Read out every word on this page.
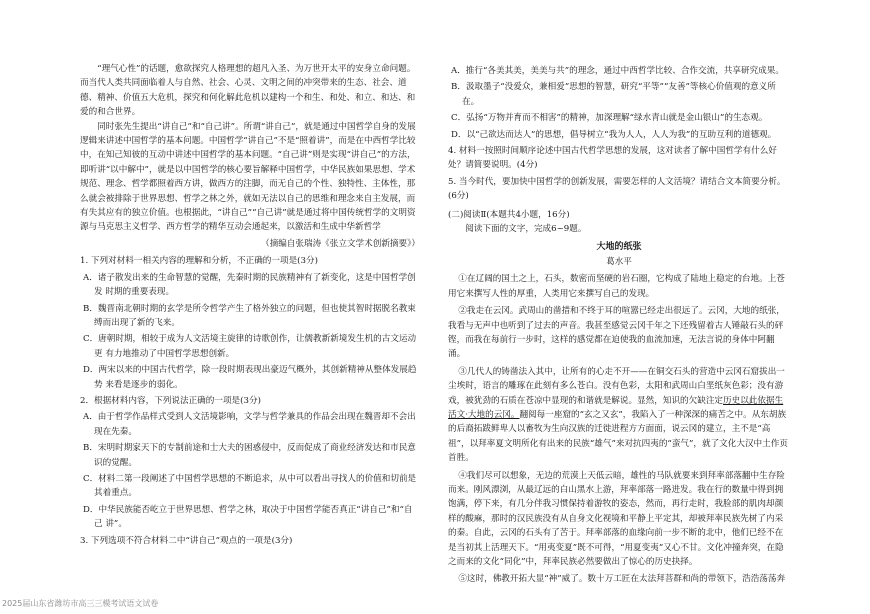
“理气心性”的话题，愈欲探究人格理想的超凡入圣、为万世开太平的安身立命问题。而当代人类共同面临着人与自然、社会、心灵、文明之间的冲突带来的生态、社会、道德、精神、价值五大危机，探究和何化解此危机以建构一个和生、和处、和立、和达、和爱的和合世界。

同时张先生提出“讲自己”和“自己讲”。所谓“讲自己”，就是通过中国哲学自身的发展逻辑来讲述中国哲学的基本问题。中国哲学“讲自己”不是“照着讲”，而是在中西哲学比较中，在知己知彼的互动中讲述中国哲学的基本问题。“自己讲”则是实现“讲自己”的方法，即听讲“以中解中”，就是以中国哲学的核心要旨解释中国哲学，中华民族如果思想、学术规范、理念、哲学都照着西方讲，做西方的注脚，而无自己的个性、独特性、主体性，那么就会被排除于世界思想、哲学之林之外，就如无法以自己的思维和理念来自主发展，而有失其应有的独立价值。也根据此，“讲自己”“自己讲”就是通过将中国传统哲学的文明资源与马克思主义哲学、西方哲学的精华互动会通起来，以激活和生成中华新哲学

（摘编自张瑞涛《张立文学术创新摘要》）

1. 下列对材料一相关内容的理解和分析，不正确的一项是(3分)

A．诸子散发出来的生命智慧的觉醒，先秦时期的民族精神有了新变化，这是中国哲学创发 时期的重要表现。

B．魏晋南北朝时期的玄学是所令哲学产生了格外独立的问题，但也使其智时据脱名教束缚而出现了新的飞来。

C．唐朝时期，相较于成为人文活境主旋律的诗歌创作，让儒教新新境发生机的古文运动更 有力地推动了中国哲学思想创新。

D．两宋以来的中国古代哲学，除一段时期表现出豪迈气概外，其创新精神从整体发展趋势 来看是逐步的弱化。

2．根据材料内容，下列说法正确的一项是(3分)

A．由于哲学作品样式受到人文活境影响，文学与哲学兼具的作品会出现在魏晋却不会出现在先秦。

B．宋明时期家天下的专制前途和士大夫的困惑侵中，反而促成了商业经济发达和市民意识的觉醒。

C．材料二第一段阐述了中国哲学思想的不断追求，从中可以看出寻找人的价值和切前是其着重点。

D．中华民族能否屹立于世界思想、哲学之林，取决于中国哲学能否真正“讲自己”和“自己 讲”。

3. 下列选项不符合材料二中“讲自己”观点的一项是(3分)

A．推行“各美其美，美美与共”的理念，通过中西哲学比较、合作交流，共享研究成果。

B．汲取墨子“没爱众，兼相爱”思想的智慧，研究“平等”“友善”等核心价值观的意义所在。

C．弘扬“万物并育而不相害”的精神，加深理解“绿水青山就是金山银山”的生态观。

D．以“己欲达而达人”的思想，倡导树立“我为人人，人人为我”的互助互利的道德观。

4. 材料一按照时间顺序论述中国古代哲学思想的发展，这对读者了解中国哲学有什么好处？请简要说明。(4分)

5. 当今时代，要加快中国哲学的创新发展，需要怎样的人文活境？请结合文本简要分析。(6分)

(二)阅读Ⅱ(本题共4小题，16分)

阅读下面的文字，完成6~9题。

大地的纸张

葛水平

①在辽阔的国土之上，石头，数密而坚硬的岩石圈，它构成了陆地上稳定的台地。上苍用它来撰写人性的厚重，人类用它来撰写自己的发现。

②我走在云冈。武周山的凿措和不终于耳的喧嚣已经走出很远了。云冈，大地的纸张，我看与无声中也听到了过去的声音。我甚至感觉云冈千年之下还残留着古人锤敲石头的砰铿，而我在每前行一步时，这样的感觉都在迫使我的血流加速，无法言说的身体中阿翻涌。

③几代人的铸凿法入其中，让所有的心走不开——在铜交石头的营造中云冈石窟拔出一尘埃时，语言的雕琢在此刻有多么苍白。没有色彩，太阳和武周山白垩纸灰色彩；没有游戏，被犹劲的石质在苍凉中显现的和谐就是解说。显然，知识的欠缺注定历史以此依据生活文·大地的云冈。翻阅每一座窟的“玄之又玄”，我陷入了一种深深的痛苦之中。从东胡族的后裔拓跋鲜卑人以畜牧为生向汉族的迁徙进程方方面面，说云冈的建立，主不是“高祖”，以拜率夏文明所化有出来的民族“雄气”来对抗四夷的“蛮气”，就了文化大汉中土作页首胜。

④我们尽可以想象，无边的荒漠上天低云暗，雄性的马队就要来到拜率部落翻中生存险而来。刚风漂浏，从最辽远的白山黑水上游，拜率部落一路进发。我在行的数量中得到拥饱满，停下来，有几分伴我习惯保持着游牧的姿态，然而，再行走时，我脸部的肌肉却颜样的酸麻，那时的汉民族没有从自身文化视境和平静上平定其，却被拜率民族先树了内采的秦。自此，云冈的石头有了苦于。拜率部落的血缘向前一步不断的北中，他们已经不在是当初其上活理天下。“用夷变夏”既不可得，“用夏变夷”又心不甘。文化冲撞奔突，在隐之而来的文化“同化”中，拜率民族必然要做出了惊心的历史抉择。

⑤这时，佛教开拓大显“神”威了。数十万工匠在太法拜菩群和尚的带领下，浩浩荡荡奔

2025届山东省潍坊市高三三模考试语文试卷
